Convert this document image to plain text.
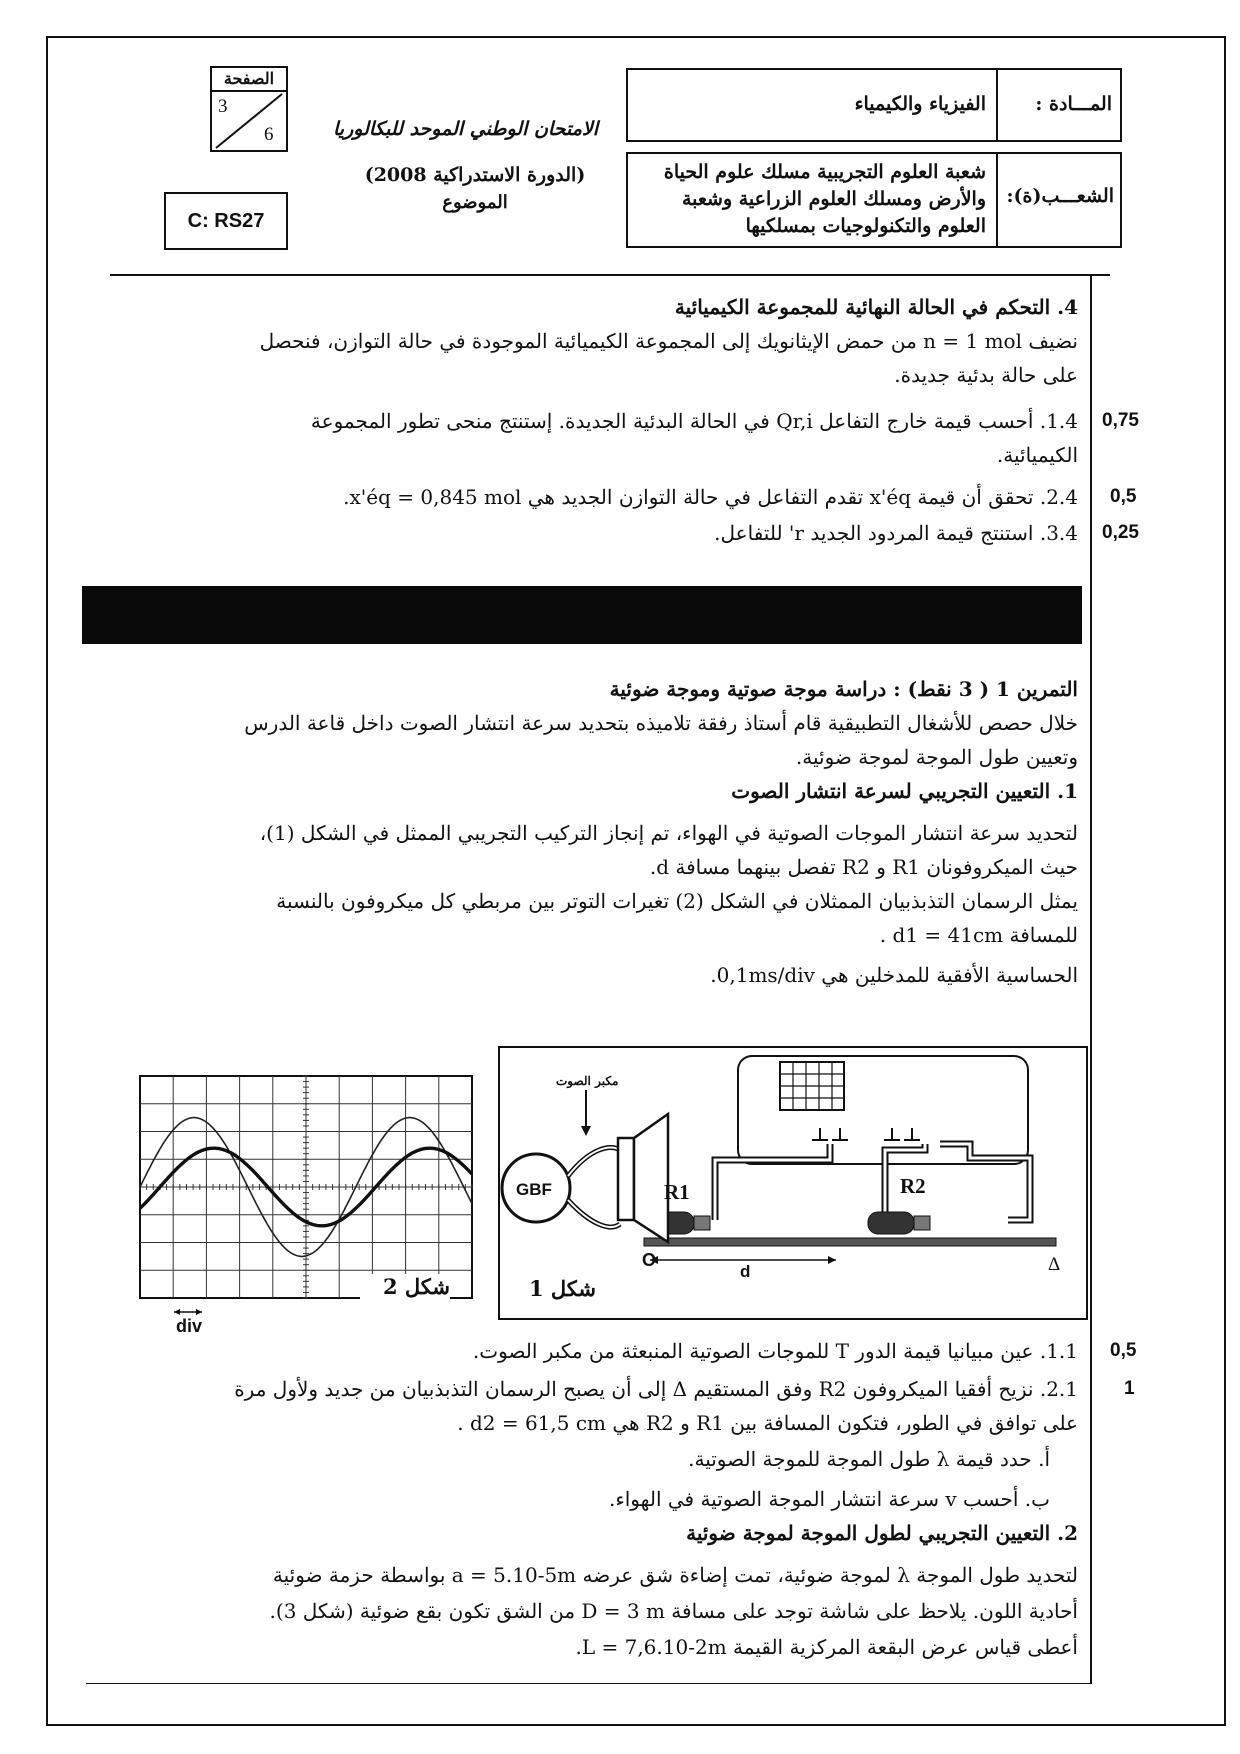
الصفحة
3
6
C: RS27
الامتحان الوطني الموحد للبكالوريا
(الدورة الاستدراكية 2008)
الموضوع
المـــادة :
الفيزياء والكيمياء
الشعـــب(ة):
شعبة العلوم التجريبية مسلك علوم الحياة
والأرض ومسلك العلوم الزراعية وشعبة
العلوم والتكنولوجيات بمسلكيها
4. التحكم في الحالة النهائية للمجموعة الكيميائية
نضيف n = 1 mol من حمض الإيثانويك إلى المجموعة الكيميائية الموجودة في حالة التوازن، فنحصل
على حالة بدئية جديدة.
1.4. أحسب قيمة خارج التفاعل Qr,i في الحالة البدئية الجديدة. إستنتج منحى تطور المجموعة
الكيميائية.
2.4. تحقق أن قيمة x'éq تقدم التفاعل في حالة التوازن الجديد هي x'éq = 0,845 mol.
3.4. استنتج قيمة المردود الجديد r' للتفاعل.
0,75
0,5
0,25
التمرين 1 ( 3 نقط) : دراسة موجة صوتية وموجة ضوئية
خلال حصص للأشغال التطبيقية قام أستاذ رفقة تلاميذه بتحديد سرعة انتشار الصوت داخل قاعة الدرس
وتعيين طول الموجة لموجة ضوئية.
1. التعيين التجريبي لسرعة انتشار الصوت
لتحديد سرعة انتشار الموجات الصوتية في الهواء، تم إنجاز التركيب التجريبي الممثل في الشكل (1)،
حيث الميكروفونان R1 و R2 تفصل بينهما مسافة d.
يمثل الرسمان التذبذبيان الممثلان في الشكل (2) تغيرات التوتر بين مربطي كل ميكروفون بالنسبة
للمسافة d1 = 41cm .
الحساسية الأفقية للمدخلين هي 0,1ms/div.
div
شكل 2
مكبر الصوت
GBF	R1	R2
O
d	Δ
شكل 1
1.1. عين مبيانيا قيمة الدور T للموجات الصوتية المنبعثة من مكبر الصوت.
2.1. نزيح أفقيا الميكروفون R2 وفق المستقيم Δ إلى أن يصبح الرسمان التذبذبيان من جديد ولأول مرة
على توافق في الطور، فتكون المسافة بين R1 و R2 هي d2 = 61,5 cm .
أ. حدد قيمة λ طول الموجة للموجة الصوتية.
ب. أحسب v سرعة انتشار الموجة الصوتية في الهواء.
0,5
1
2. التعيين التجريبي لطول الموجة لموجة ضوئية
لتحديد طول الموجة λ لموجة ضوئية، تمت إضاءة شق عرضه a = 5.10-5m بواسطة حزمة ضوئية
أحادية اللون. يلاحظ على شاشة توجد على مسافة D = 3 m من الشق تكون بقع ضوئية (شكل 3).
أعطى قياس عرض البقعة المركزية القيمة L = 7,6.10-2m.
